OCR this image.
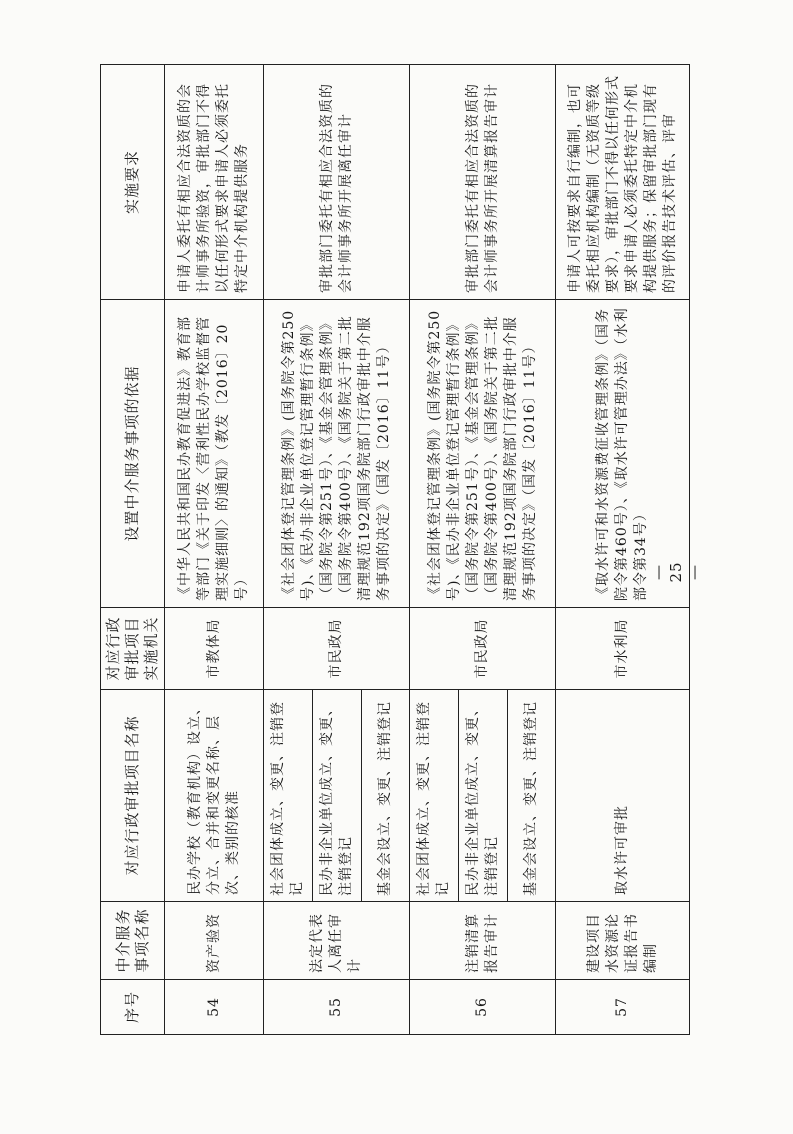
序号	中介服务事项名称	对应行政审批项目名称	对应行政审批项目实施机关	设置中介服务事项的依据	实施要求
54	资产验资	民办学校（教育机构）设立、分立、合并和变更名称、层次、类别的核准	市教体局	《中华人民共和国民办教育促进法》教育部等部门《关于印发〈营利性民办学校监督管理实施细则〉的通知》（教发〔2016〕20号）	申请人委托有相应合法资质的会计师事务所验资，审批部门不得以任何形式要求申请人必须委托特定中介机构提供服务
55	法定代表人离任审计	社会团体成立、变更、注销登记	市民政局	《社会团体登记管理条例》(国务院令第250号)、《民办非企业单位登记管理暂行条例》（国务院令第251号）、《基金会管理条例》（国务院令第400号）、《国务院关于第二批清理规范192项国务院部门行政审批中介服务事项的决定》（国发〔2016〕11号）	审批部门委托有相应合法资质的会计师事务所开展离任审计
		民办非企业单位成立、变更、注销登记			
		基金会设立、变更、注销登记			
56	注销清算报告审计	社会团体成立、变更、注销登记	市民政局	《社会团体登记管理条例》(国务院令第250号)、《民办非企业单位登记管理暂行条例》（国务院令第251号）、《基金会管理条例》（国务院令第400号）、《国务院关于第二批清理规范192项国务院部门行政审批中介服务事项的决定》（国发〔2016〕11号）	审批部门委托有相应合法资质的会计师事务所开展清算报告审计
		民办非企业单位成立、变更、注销登记			
		基金会设立、变更、注销登记			
57	建设项目水资源论证报告书编制	取水许可审批	市水利局	《取水许可和水资源费征收管理条例》（国务院令第460号）、《取水许可管理办法》（水利部令第34号）	申请人可按要求自行编制，也可委托相应机构编制（无资质等级要求），审批部门不得以任何形式要求申请人必须委托特定中介机构提供服务；保留审批部门现有的评价报告技术评估、评审
— 25 —
